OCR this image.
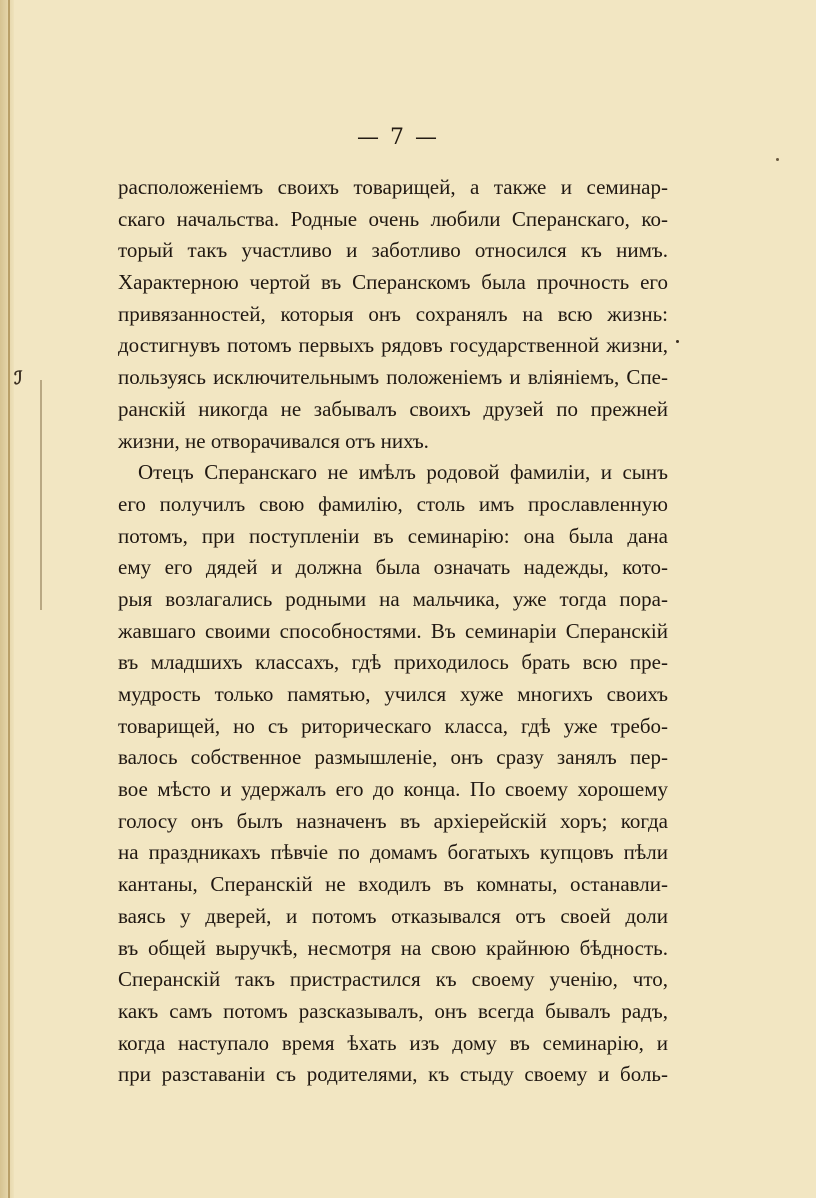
ℐ
— 7 —
расположеніемъ своихъ товарищей, а также и семинар-
скаго начальства. Родные очень любили Сперанскаго, ко-
торый такъ участливо и заботливо относился къ нимъ.
Характерною чертой въ Сперанскомъ была прочность его
привязанностей, которыя онъ сохранялъ на всю жизнь:
достигнувъ потомъ первыхъ рядовъ государственной жизни,
пользуясь исключительнымъ положеніемъ и вліяніемъ, Спе-
ранскій никогда не забывалъ своихъ друзей по прежней
жизни, не отворачивался отъ нихъ.
Отецъ Сперанскаго не имѣлъ родовой фамиліи, и сынъ
его получилъ свою фамилію, столь имъ прославленную
потомъ, при поступленіи въ семинарію: она была дана
ему его дядей и должна была означать надежды, кото-
рыя возлагались родными на мальчика, уже тогда пора-
жавшаго своими способностями. Въ семинаріи Сперанскій
въ младшихъ классахъ, гдѣ приходилось брать всю пре-
мудрость только памятью, учился хуже многихъ своихъ
товарищей, но съ риторическаго класса, гдѣ уже требо-
валось собственное размышленіе, онъ сразу занялъ пер-
вое мѣсто и удержалъ его до конца. По своему хорошему
голосу онъ былъ назначенъ въ архіерейскій хоръ; когда
на праздникахъ пѣвчіе по домамъ богатыхъ купцовъ пѣли
кантаны, Сперанскій не входилъ въ комнаты, останавли-
ваясь у дверей, и потомъ отказывался отъ своей доли
въ общей выручкѣ, несмотря на свою крайнюю бѣдность.
Сперанскій такъ пристрастился къ своему ученію, что,
какъ самъ потомъ разсказывалъ, онъ всегда бывалъ радъ,
когда наступало время ѣхать изъ дому въ семинарію, и
при разставаніи съ родителями, къ стыду своему и боль-
